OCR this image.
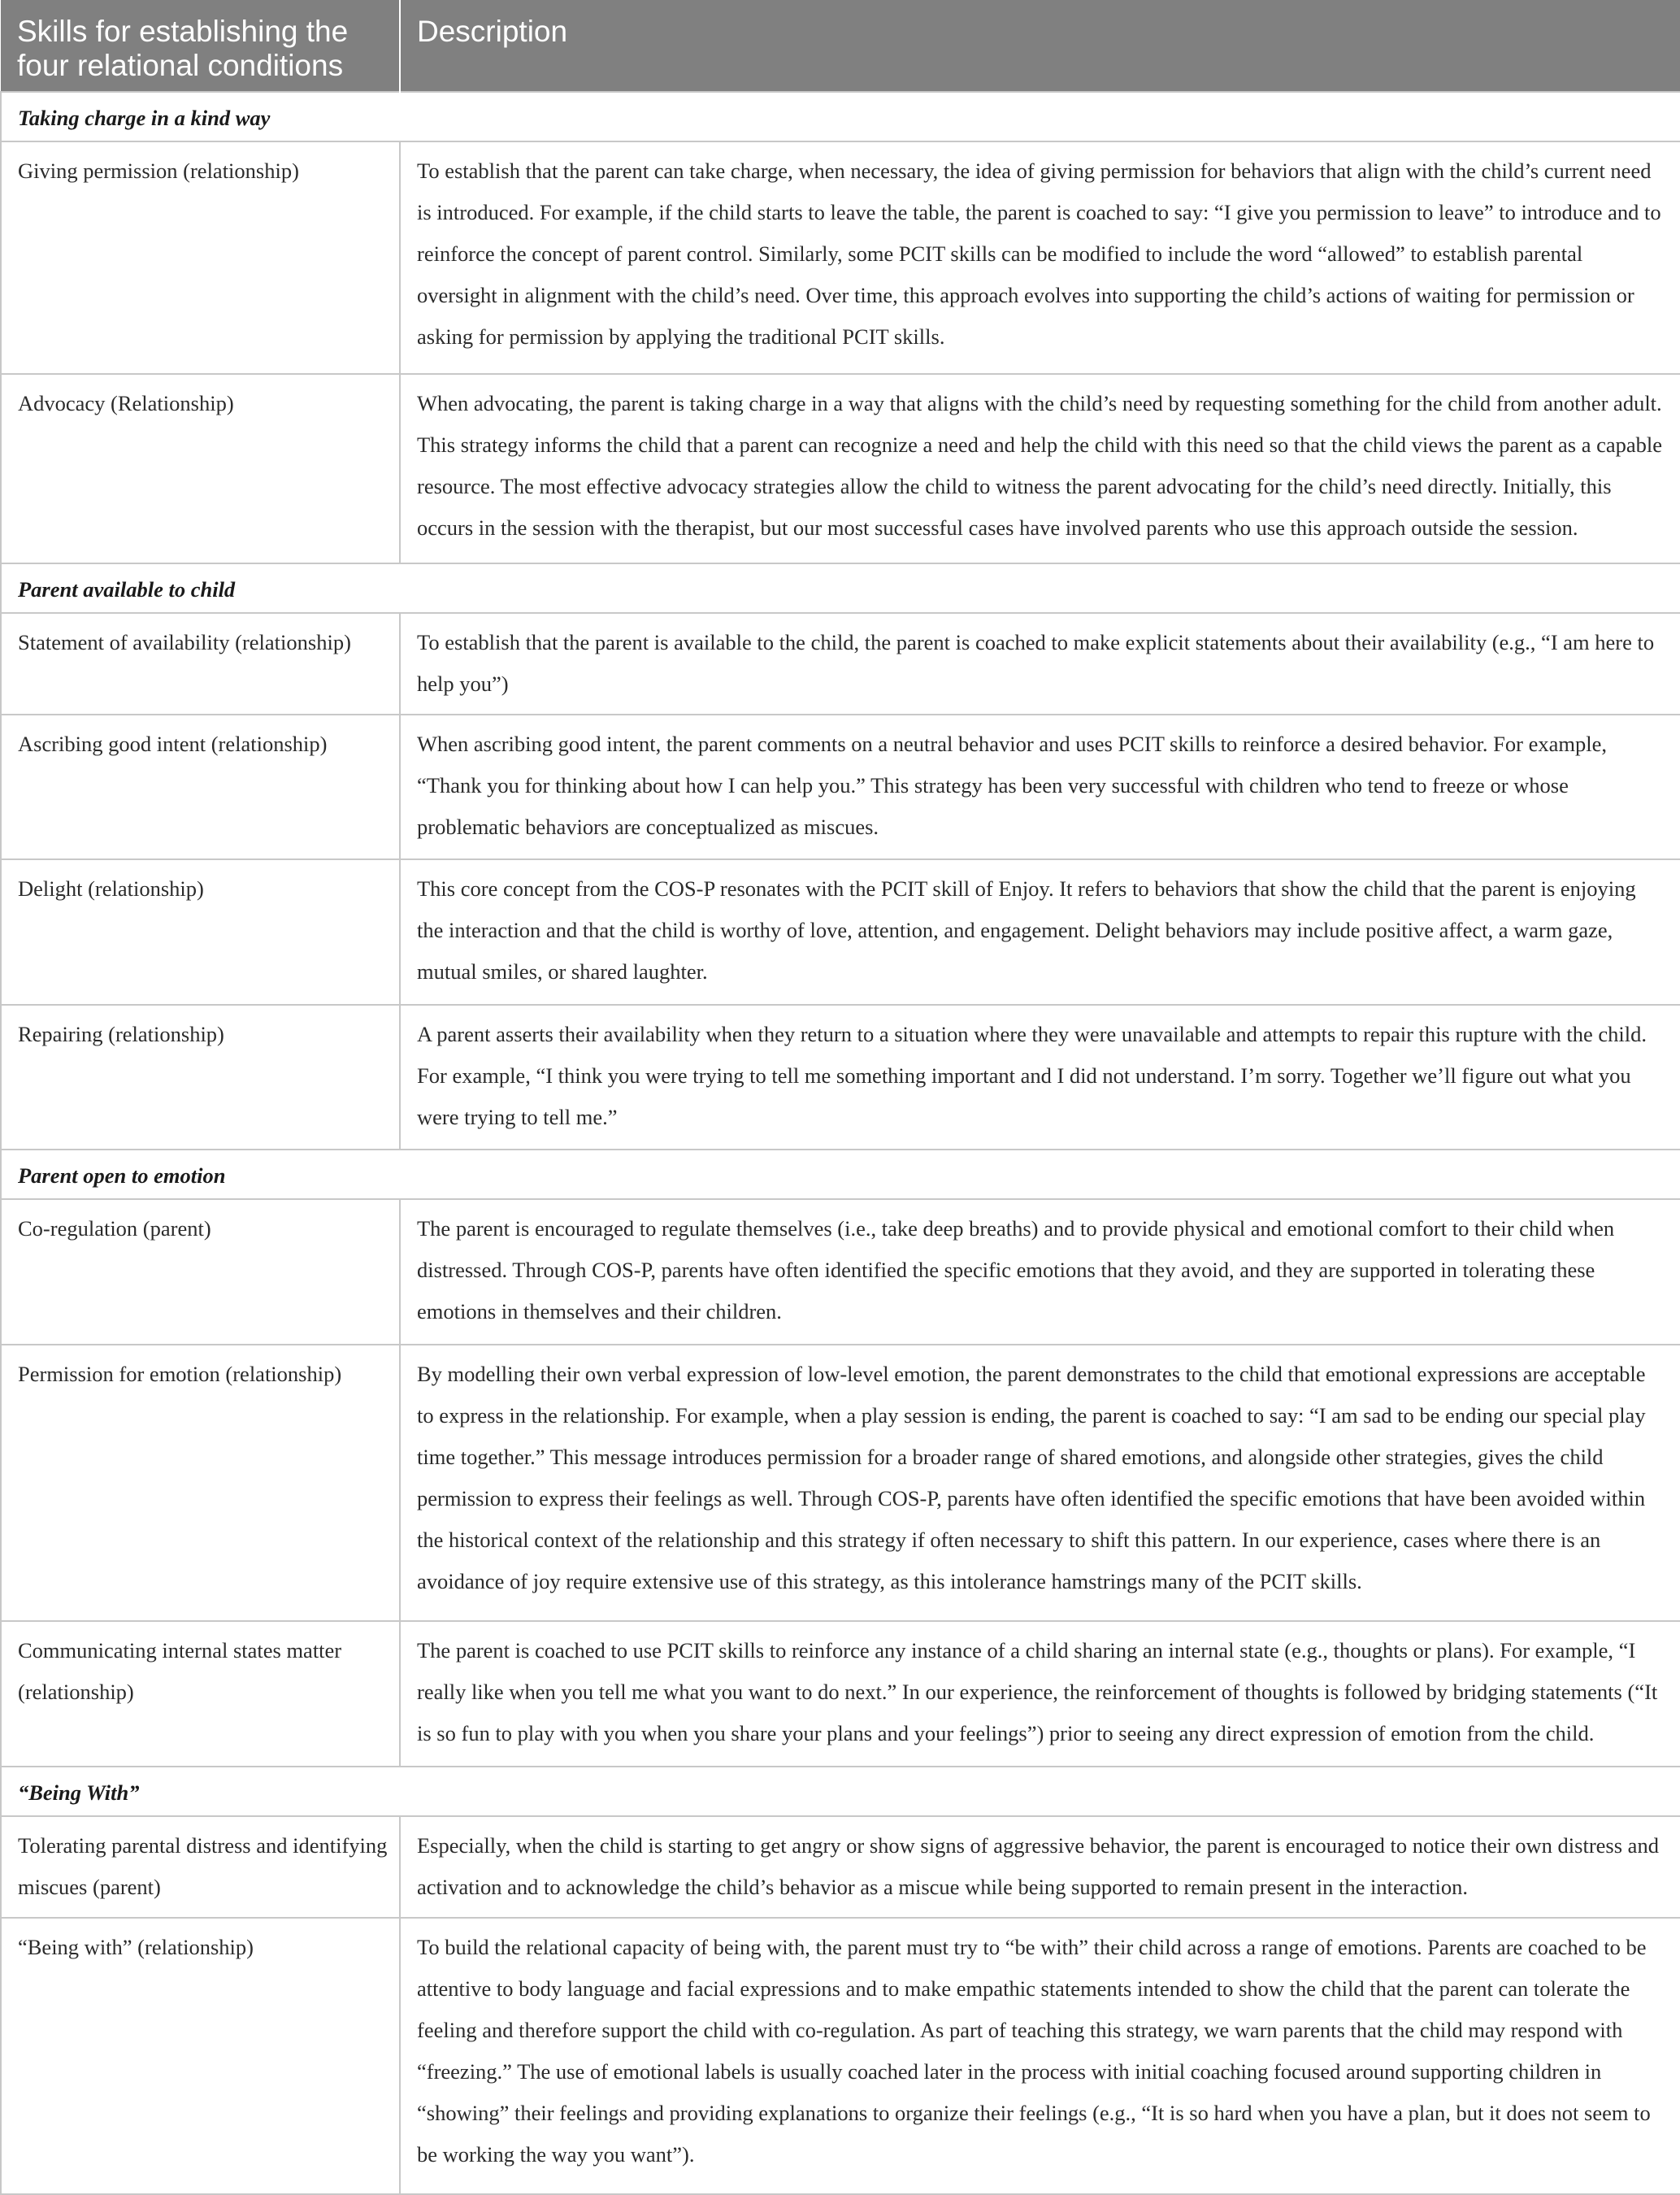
Skills for establishing the four relational conditions	Description
Taking charge in a kind way	
Giving permission (relationship)	To establish that the parent can take charge, when necessary, the idea of giving permission for behaviors that align with the child’s current need is introduced. For example, if the child starts to leave the table, the parent is coached to say: “I give you permission to leave” to introduce and to reinforce the concept of parent control. Similarly, some PCIT skills can be modified to include the word “allowed” to establish parental oversight in alignment with the child’s need. Over time, this approach evolves into supporting the child’s actions of waiting for permission or asking for permission by applying the traditional PCIT skills.
Advocacy (Relationship)	When advocating, the parent is taking charge in a way that aligns with the child’s need by requesting something for the child from another adult. This strategy informs the child that a parent can recognize a need and help the child with this need so that the child views the parent as a capable resource. The most effective advocacy strategies allow the child to witness the parent advocating for the child’s need directly. Initially, this occurs in the session with the therapist, but our most successful cases have involved parents who use this approach outside the session.
Parent available to child	
Statement of availability (relationship)	To establish that the parent is available to the child, the parent is coached to make explicit statements about their availability (e.g., “I am here to help you”)
Ascribing good intent (relationship)	When ascribing good intent, the parent comments on a neutral behavior and uses PCIT skills to reinforce a desired behavior. For example, “Thank you for thinking about how I can help you.” This strategy has been very successful with children who tend to freeze or whose problematic behaviors are conceptualized as miscues.
Delight (relationship)	This core concept from the COS-P resonates with the PCIT skill of Enjoy. It refers to behaviors that show the child that the parent is enjoying the interaction and that the child is worthy of love, attention, and engagement. Delight behaviors may include positive affect, a warm gaze, mutual smiles, or shared laughter.
Repairing (relationship)	A parent asserts their availability when they return to a situation where they were unavailable and attempts to repair this rupture with the child. For example, “I think you were trying to tell me something important and I did not understand. I’m sorry. Together we’ll figure out what you were trying to tell me.”
Parent open to emotion	
Co-regulation (parent)	The parent is encouraged to regulate themselves (i.e., take deep breaths) and to provide physical and emotional comfort to their child when distressed. Through COS-P, parents have often identified the specific emotions that they avoid, and they are supported in tolerating these emotions in themselves and their children.
Permission for emotion (relationship)	By modelling their own verbal expression of low-level emotion, the parent demonstrates to the child that emotional expressions are acceptable to express in the relationship. For example, when a play session is ending, the parent is coached to say: “I am sad to be ending our special play time together.” This message introduces permission for a broader range of shared emotions, and alongside other strategies, gives the child permission to express their feelings as well. Through COS-P, parents have often identified the specific emotions that have been avoided within the historical context of the relationship and this strategy if often necessary to shift this pattern. In our experience, cases where there is an avoidance of joy require extensive use of this strategy, as this intolerance hamstrings many of the PCIT skills.
Communicating internal states matter (relationship)	The parent is coached to use PCIT skills to reinforce any instance of a child sharing an internal state (e.g., thoughts or plans). For example, “I really like when you tell me what you want to do next.” In our experience, the reinforcement of thoughts is followed by bridging statements (“It is so fun to play with you when you share your plans and your feelings”) prior to seeing any direct expression of emotion from the child.
“Being With”	
Tolerating parental distress and identifying miscues (parent)	Especially, when the child is starting to get angry or show signs of aggressive behavior, the parent is encouraged to notice their own distress and activation and to acknowledge the child’s behavior as a miscue while being supported to remain present in the interaction.
“Being with” (relationship)	To build the relational capacity of being with, the parent must try to “be with” their child across a range of emotions. Parents are coached to be attentive to body language and facial expressions and to make empathic statements intended to show the child that the parent can tolerate the feeling and therefore support the child with co-regulation. As part of teaching this strategy, we warn parents that the child may respond with “freezing.” The use of emotional labels is usually coached later in the process with initial coaching focused around supporting children in “showing” their feelings and providing explanations to organize their feelings (e.g., “It is so hard when you have a plan, but it does not seem to be working the way you want”).
